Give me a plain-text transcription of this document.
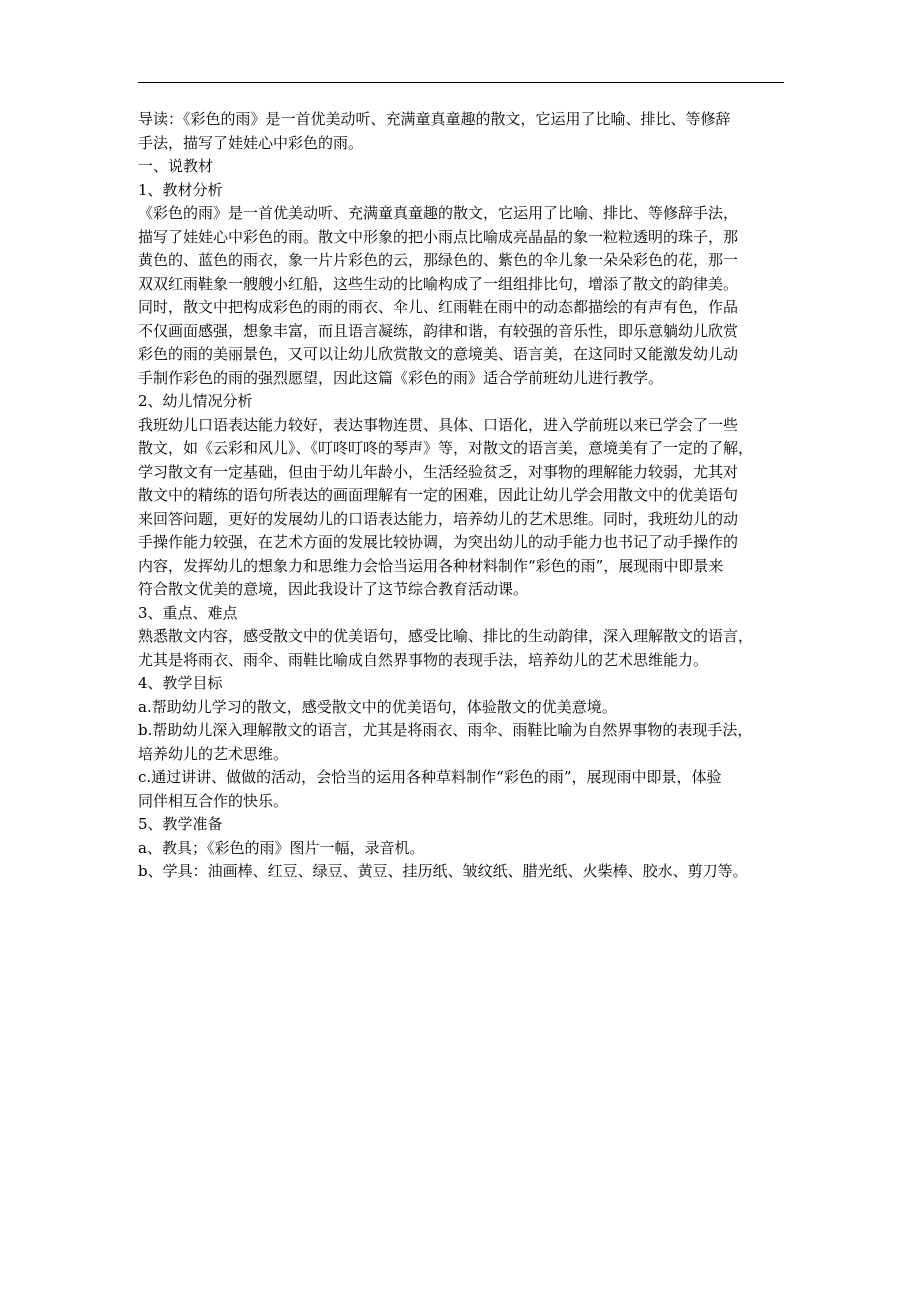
导读：《彩色的雨》是一首优美动听、充满童真童趣的散文，它运用了比喻、排比、等修辞
手法，描写了娃娃心中彩色的雨。
一、说教材
1、教材分析
《彩色的雨》是一首优美动听、充满童真童趣的散文，它运用了比喻、排比、等修辞手法，
描写了娃娃心中彩色的雨。散文中形象的把小雨点比喻成亮晶晶的象一粒粒透明的珠子，那
黄色的、蓝色的雨衣，象一片片彩色的云，那绿色的、紫色的伞儿象一朵朵彩色的花，那一
双双红雨鞋象一艘艘小红船，这些生动的比喻构成了一组组排比句，增添了散文的韵律美。
同时，散文中把构成彩色的雨的雨衣、伞儿、红雨鞋在雨中的动态都描绘的有声有色，作品
不仅画面感强，想象丰富，而且语言凝练，韵律和谐，有较强的音乐性，即乐意躺幼儿欣赏
彩色的雨的美丽景色，又可以让幼儿欣赏散文的意境美、语言美，在这同时又能激发幼儿动
手制作彩色的雨的强烈愿望，因此这篇《彩色的雨》适合学前班幼儿进行教学。
2、幼儿情况分析
我班幼儿口语表达能力较好，表达事物连贯、具体、口语化，进入学前班以来已学会了一些
散文，如《云彩和风儿》、《叮咚叮咚的琴声》等，对散文的语言美，意境美有了一定的了解，
学习散文有一定基础，但由于幼儿年龄小，生活经验贫乏，对事物的理解能力较弱，尤其对
散文中的精练的语句所表达的画面理解有一定的困难，因此让幼儿学会用散文中的优美语句
来回答问题，更好的发展幼儿的口语表达能力，培养幼儿的艺术思维。同时，我班幼儿的动
手操作能力较强，在艺术方面的发展比较协调，为突出幼儿的动手能力也书记了动手操作的
内容，发挥幼儿的想象力和思维力会恰当运用各种材料制作“彩色的雨”，展现雨中即景来
符合散文优美的意境，因此我设计了这节综合教育活动课。
3、重点、难点
熟悉散文内容，感受散文中的优美语句，感受比喻、排比的生动韵律，深入理解散文的语言，
尤其是将雨衣、雨伞、雨鞋比喻成自然界事物的表现手法，培养幼儿的艺术思维能力。
4、教学目标
a.帮助幼儿学习的散文，感受散文中的优美语句，体验散文的优美意境。
b.帮助幼儿深入理解散文的语言，尤其是将雨衣、雨伞、雨鞋比喻为自然界事物的表现手法，
培养幼儿的艺术思维。
c.通过讲讲、做做的活动，会恰当的运用各种草料制作“彩色的雨”，展现雨中即景，体验
同伴相互合作的快乐。
5、教学准备
a、教具；《彩色的雨》图片一幅，录音机。
b、学具：油画棒、红豆、绿豆、黄豆、挂历纸、皱纹纸、腊光纸、火柴棒、胶水、剪刀等。
